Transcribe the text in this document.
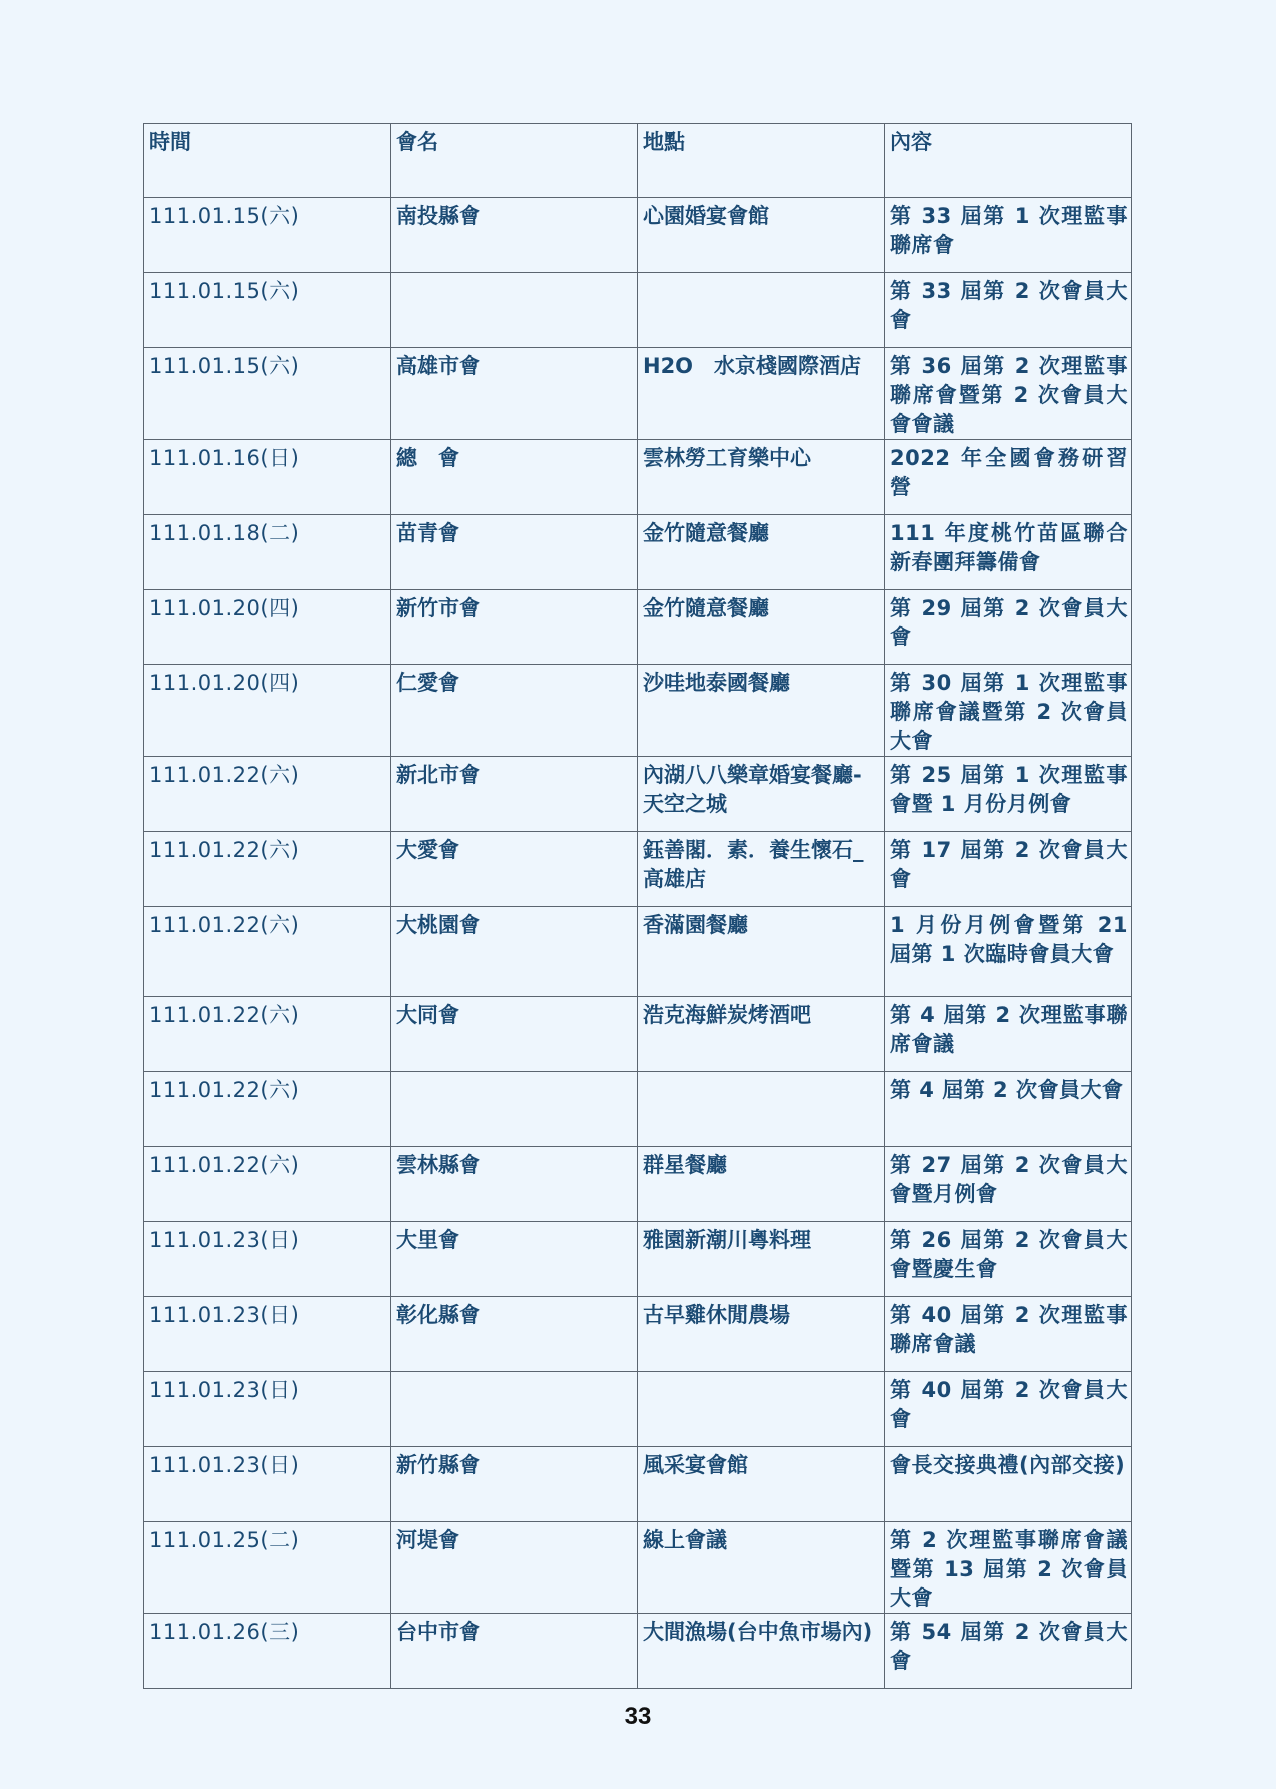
時間	會名	地點	內容
111.01.15(六)	南投縣會	心園婚宴會館	第 33 屆第 1 次理監事聯席會
111.01.15(六)			第 33 屆第 2 次會員大會
111.01.15(六)	高雄市會	H2O　水京棧國際酒店	第 36 屆第 2 次理監事聯席會暨第 2 次會員大會會議
111.01.16(日)	總　會	雲林勞工育樂中心	2022 年全國會務研習營
111.01.18(二)	苗青會	金竹隨意餐廳	111 年度桃竹苗區聯合新春團拜籌備會
111.01.20(四)	新竹市會	金竹隨意餐廳	第 29 屆第 2 次會員大會
111.01.20(四)	仁愛會	沙哇地泰國餐廳	第 30 屆第 1 次理監事聯席會議暨第 2 次會員大會
111.01.22(六)	新北市會	內湖八八樂章婚宴餐廳-天空之城	第 25 屆第 1 次理監事會暨 1 月份月例會
111.01.22(六)	大愛會	鈺善閣．素．養生懷石_高雄店	第 17 屆第 2 次會員大會
111.01.22(六)	大桃園會	香滿園餐廳	1 月份月例會暨第 21 屆第 1 次臨時會員大會
111.01.22(六)	大同會	浩克海鮮炭烤酒吧	第 4 屆第 2 次理監事聯席會議
111.01.22(六)			第 4 屆第 2 次會員大會
111.01.22(六)	雲林縣會	群星餐廳	第 27 屆第 2 次會員大會暨月例會
111.01.23(日)	大里會	雅園新潮川粵料理	第 26 屆第 2 次會員大會暨慶生會
111.01.23(日)	彰化縣會	古早雞休閒農場	第 40 屆第 2 次理監事聯席會議
111.01.23(日)			第 40 屆第 2 次會員大會
111.01.23(日)	新竹縣會	風采宴會館	會長交接典禮(內部交接)
111.01.25(二)	河堤會	線上會議	第 2 次理監事聯席會議暨第 13 屆第 2 次會員大會
111.01.26(三)	台中市會	大間漁場(台中魚市場內)	第 54 屆第 2 次會員大會
33
